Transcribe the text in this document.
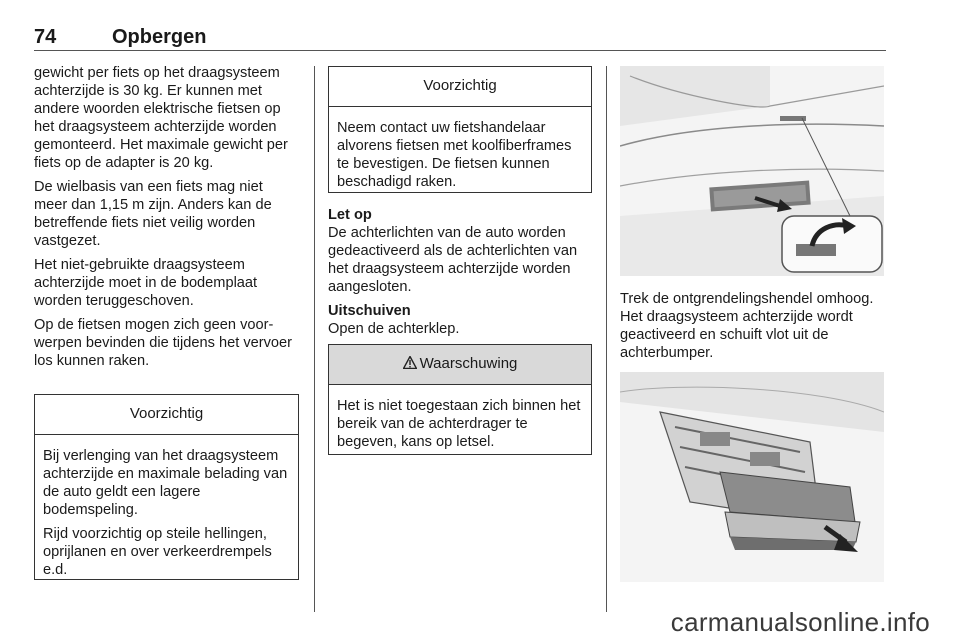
74	Opbergen

gewicht per fiets op het draagsysteem achterzijde is 30 kg. Er kunnen met andere woorden elektrische fietsen op het draagsysteem achterzijde worden gemonteerd. Het maximale gewicht per fiets op de adapter is 20 kg.

De wielbasis van een fiets mag niet meer dan 1,15 m zijn. Anders kan de betreffende fiets niet veilig worden vastgezet.

Het niet-gebruikte draagsysteem achterzijde moet in de bodemplaat worden teruggeschoven.

Op de fietsen mogen zich geen voorwerpen bevinden die tijdens het vervoer los kunnen raken.

Voorzichtig

Bij verlenging van het draagsysteem achterzijde en maximale belading van de auto geldt een lagere bodemspeling.

Rijd voorzichtig op steile hellingen, oprijlanen en over verkeerdrempels e.d.

Voorzichtig

Neem contact uw fietshandelaar alvorens fietsen met koolfiberframes te bevestigen. De fietsen kunnen beschadigd raken.

Let op

De achterlichten van de auto worden gedeactiveerd als de achterlichten van het draagsysteem achterzijde worden aangesloten.

Uitschuiven

Open de achterklep.

Waarschuwing

Het is niet toegestaan zich binnen het bereik van de achterdrager te begeven, kans op letsel.

Trek de ontgrendelingshendel omhoog. Het draagsysteem achterzijde wordt geactiveerd en schuift vlot uit de achterbumper.

carmanualsonline.info
